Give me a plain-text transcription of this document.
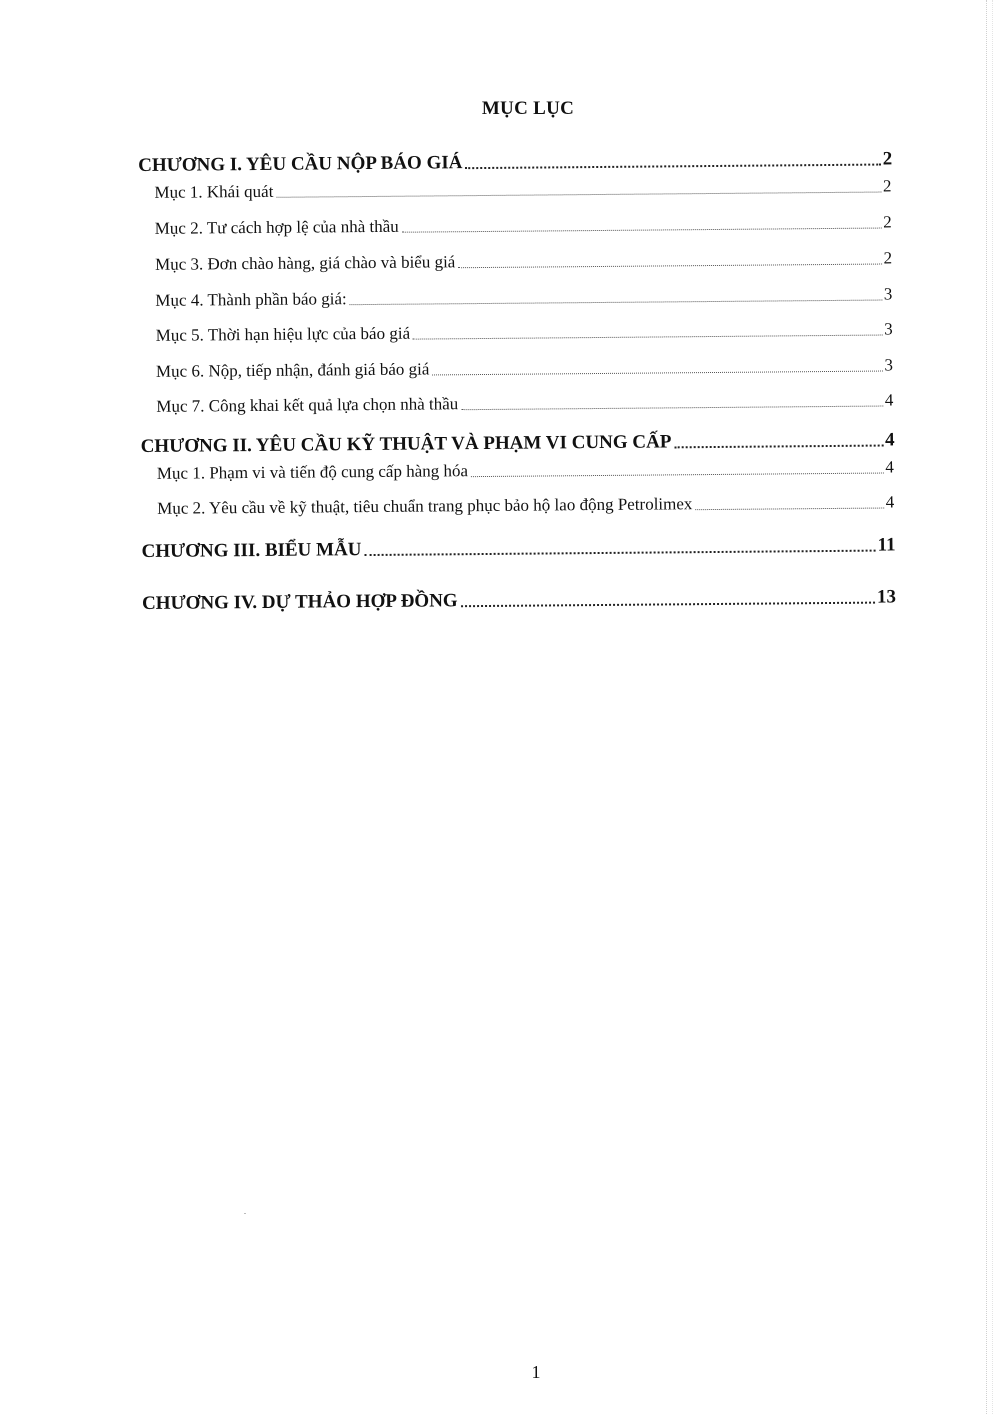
MỤC LỤC
CHƯƠNG I. YÊU CẦU NỘP BÁO GIÁ	2
Mục 1. Khái quát	2
Mục 2. Tư cách hợp lệ của nhà thầu	2
Mục 3. Đơn chào hàng, giá chào và biểu giá	2
Mục 4. Thành phần báo giá:	3
Mục 5. Thời hạn hiệu lực của báo giá	3
Mục 6. Nộp, tiếp nhận, đánh giá báo giá	3
Mục 7. Công khai kết quả lựa chọn nhà thầu	4
CHƯƠNG II. YÊU CẦU KỸ THUẬT VÀ PHẠM VI CUNG CẤP	4
Mục 1. Phạm vi và tiến độ cung cấp hàng hóa	4
Mục 2. Yêu cầu về kỹ thuật, tiêu chuẩn trang phục bảo hộ lao động Petrolimex	4
CHƯƠNG III. BIỂU MẪU	11
CHƯƠNG IV. DỰ THẢO HỢP ĐỒNG	13
1
